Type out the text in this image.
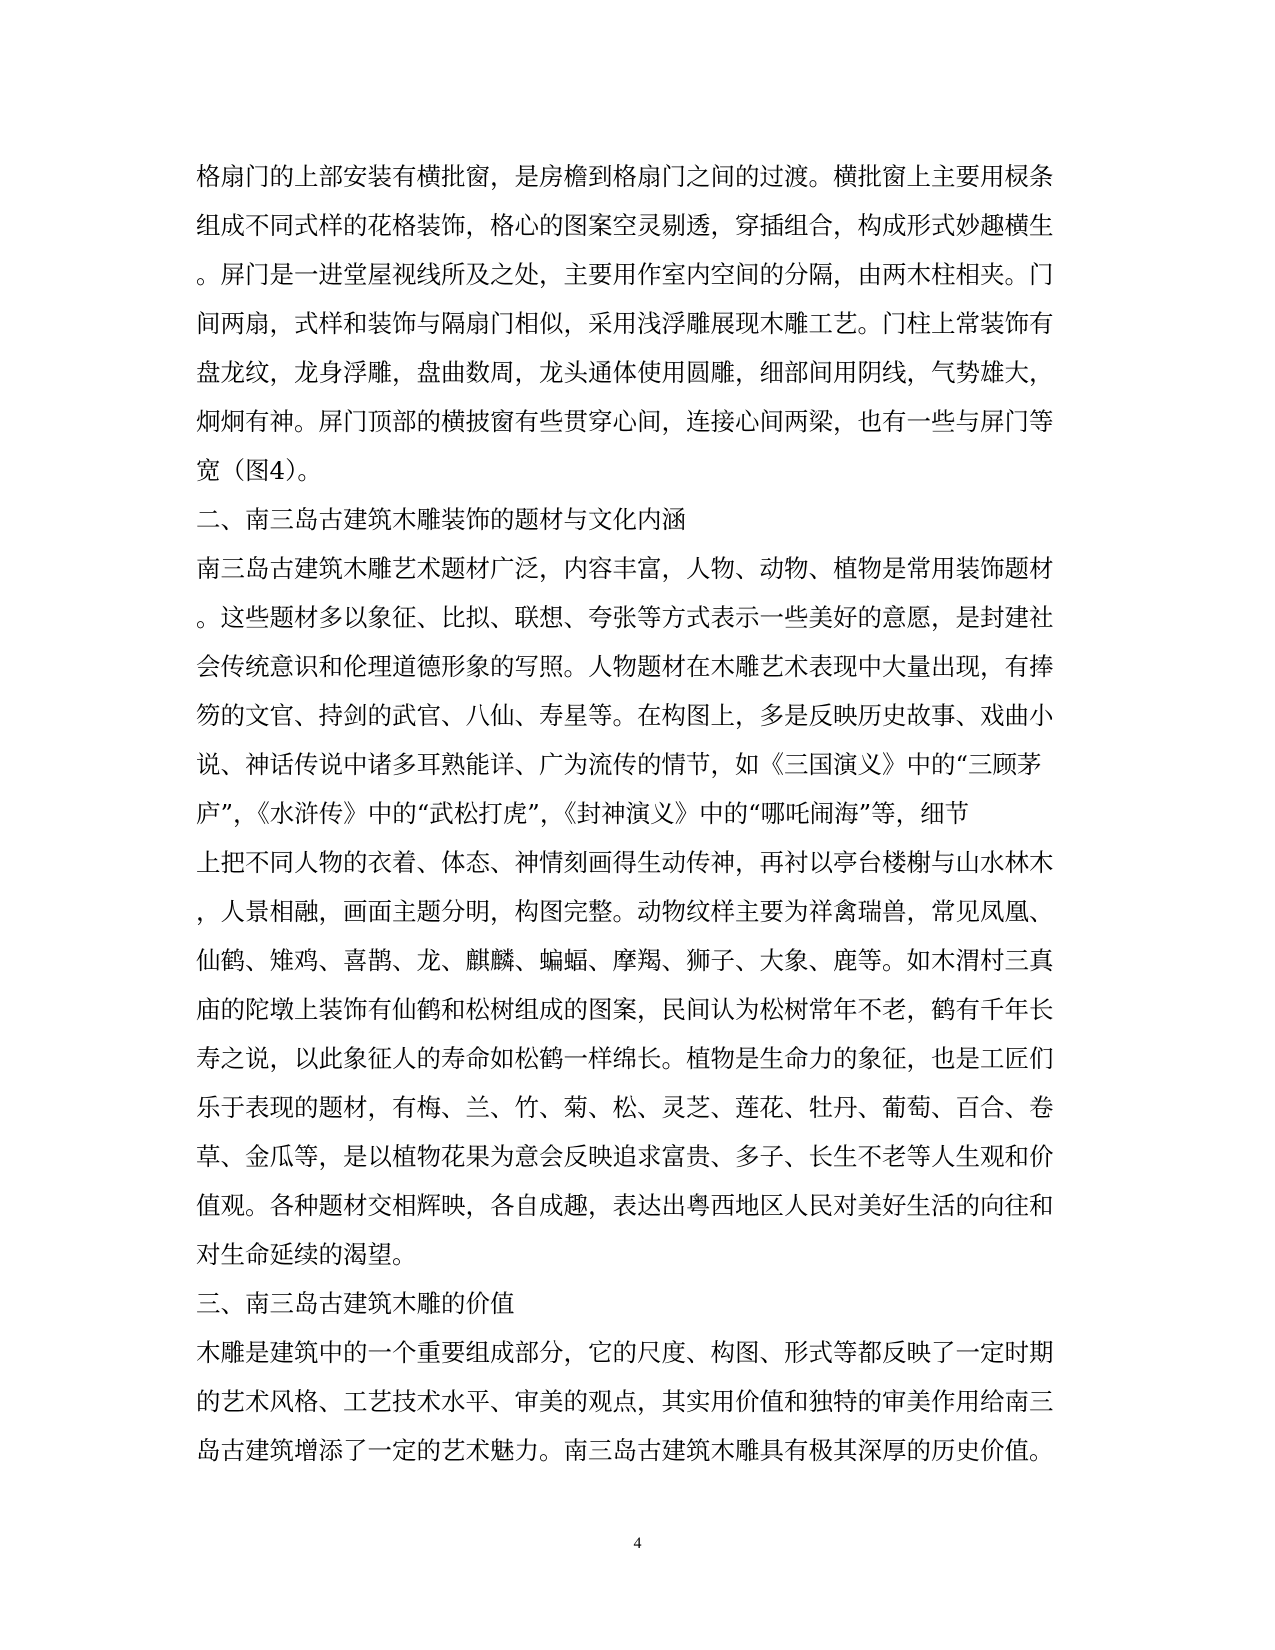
格扇门的上部安装有横批窗，是房檐到格扇门之间的过渡。横批窗上主要用棂条
组成不同式样的花格装饰，格心的图案空灵剔透，穿插组合，构成形式妙趣横生
。屏门是一进堂屋视线所及之处，主要用作室内空间的分隔，由两木柱相夹。门
间两扇，式样和装饰与隔扇门相似，采用浅浮雕展现木雕工艺。门柱上常装饰有
盘龙纹，龙身浮雕，盘曲数周，龙头通体使用圆雕，细部间用阴线，气势雄大，
炯炯有神。屏门顶部的横披窗有些贯穿心间，连接心间两梁，也有一些与屏门等
宽（图4）。
二、南三岛古建筑木雕装饰的题材与文化内涵
南三岛古建筑木雕艺术题材广泛，内容丰富，人物、动物、植物是常用装饰题材
。这些题材多以象征、比拟、联想、夸张等方式表示一些美好的意愿，是封建社
会传统意识和伦理道德形象的写照。人物题材在木雕艺术表现中大量出现，有捧
笏的文官、持剑的武官、八仙、寿星等。在构图上，多是反映历史故事、戏曲小
说、神话传说中诸多耳熟能详、广为流传的情节，如《三国演义》中的“三顾茅
庐”，《水浒传》中的“武松打虎”，《封神演义》中的“哪吒闹海”等，细节
上把不同人物的衣着、体态、神情刻画得生动传神，再衬以亭台楼榭与山水林木
，人景相融，画面主题分明，构图完整。动物纹样主要为祥禽瑞兽，常见凤凰、
仙鹤、雉鸡、喜鹊、龙、麒麟、蝙蝠、摩羯、狮子、大象、鹿等。如木渭村三真
庙的陀墩上装饰有仙鹤和松树组成的图案，民间认为松树常年不老，鹤有千年长
寿之说，以此象征人的寿命如松鹤一样绵长。植物是生命力的象征，也是工匠们
乐于表现的题材，有梅、兰、竹、菊、松、灵芝、莲花、牡丹、葡萄、百合、卷
草、金瓜等，是以植物花果为意会反映追求富贵、多子、长生不老等人生观和价
值观。各种题材交相辉映，各自成趣，表达出粤西地区人民对美好生活的向往和
对生命延续的渴望。
三、南三岛古建筑木雕的价值
木雕是建筑中的一个重要组成部分，它的尺度、构图、形式等都反映了一定时期
的艺术风格、工艺技术水平、审美的观点，其实用价值和独特的审美作用给南三
岛古建筑增添了一定的艺术魅力。南三岛古建筑木雕具有极其深厚的历史价值。
4
